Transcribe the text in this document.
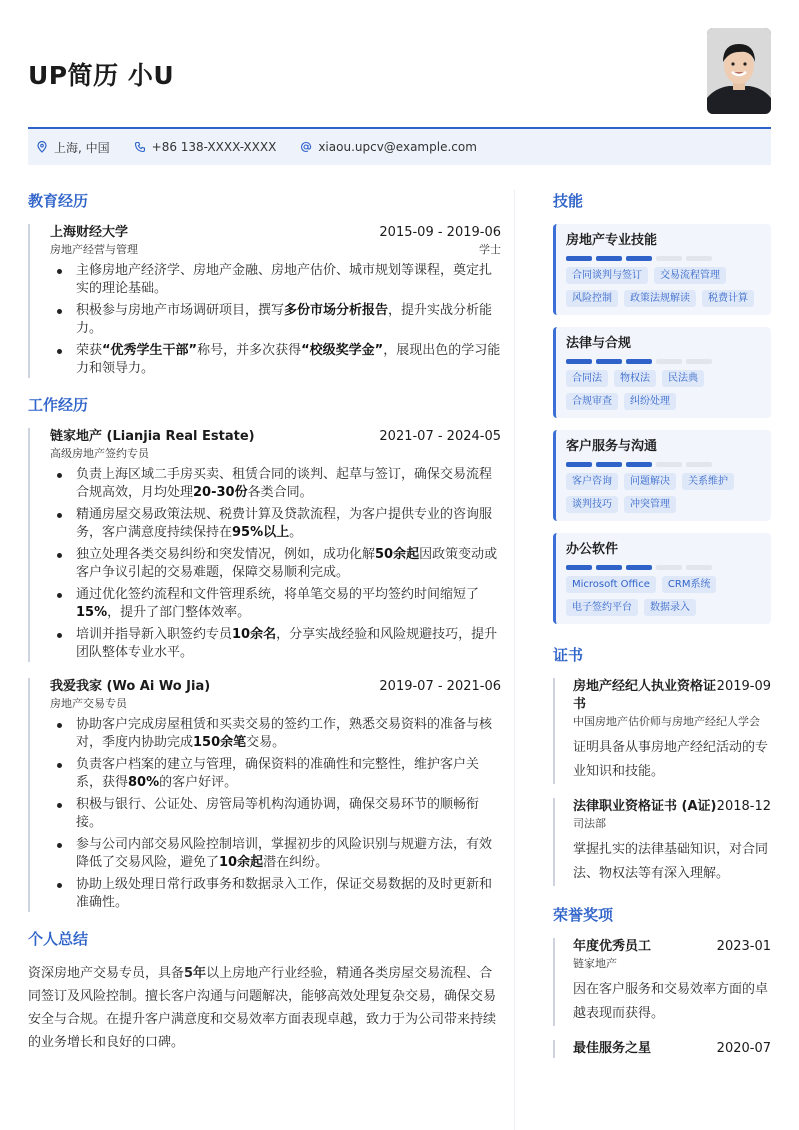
UP简历 小U
上海, 中国	+86 138-XXXX-XXXX	xiaou.upcv@example.com
教育经历
上海财经大学	2015-09 - 2019-06
房地产经营与管理	学士
主修房地产经济学、房地产金融、房地产估价、城市规划等课程，奠定扎实的理论基础。
积极参与房地产市场调研项目，撰写多份市场分析报告，提升实战分析能力。
荣获“优秀学生干部”称号，并多次获得“校级奖学金”，展现出色的学习能力和领导力。
工作经历
链家地产 (Lianjia Real Estate)	2021-07 - 2024-05
高级房地产签约专员
负责上海区域二手房买卖、租赁合同的谈判、起草与签订，确保交易流程合规高效，月均处理20-30份各类合同。
精通房屋交易政策法规、税费计算及贷款流程，为客户提供专业的咨询服务，客户满意度持续保持在95%以上。
独立处理各类交易纠纷和突发情况，例如，成功化解50余起因政策变动或客户争议引起的交易难题，保障交易顺利完成。
通过优化签约流程和文件管理系统，将单笔交易的平均签约时间缩短了15%，提升了部门整体效率。
培训并指导新入职签约专员10余名，分享实战经验和风险规避技巧，提升团队整体专业水平。
我爱我家 (Wo Ai Wo Jia)	2019-07 - 2021-06
房地产交易专员
协助客户完成房屋租赁和买卖交易的签约工作，熟悉交易资料的准备与核对，季度内协助完成150余笔交易。
负责客户档案的建立与管理，确保资料的准确性和完整性，维护客户关系，获得80%的客户好评。
积极与银行、公证处、房管局等机构沟通协调，确保交易环节的顺畅衔接。
参与公司内部交易风险控制培训，掌握初步的风险识别与规避方法，有效降低了交易风险，避免了10余起潜在纠纷。
协助上级处理日常行政事务和数据录入工作，保证交易数据的及时更新和准确性。
个人总结
资深房地产交易专员，具备5年以上房地产行业经验，精通各类房屋交易流程、合同签订及风险控制。擅长客户沟通与问题解决，能够高效处理复杂交易，确保交易安全与合规。在提升客户满意度和交易效率方面表现卓越，致力于为公司带来持续的业务增长和良好的口碑。
技能
房地产专业技能
合同谈判与签订	交易流程管理
风险控制	政策法规解读	税费计算
法律与合规
合同法	物权法	民法典
合规审查	纠纷处理
客户服务与沟通
客户咨询	问题解决	关系维护
谈判技巧	冲突管理
办公软件
Microsoft Office	CRM系统
电子签约平台	数据录入
证书
房地产经纪人执业资格证书
2019-09
中国房地产估价师与房地产经纪人学会
证明具备从事房地产经纪活动的专业知识和技能。
法律职业资格证书 (A证) 2018-12
司法部
掌握扎实的法律基础知识，对合同法、物权法等有深入理解。
荣誉奖项
年度优秀员工	2023-01
链家地产
因在客户服务和交易效率方面的卓越表现而获得。
最佳服务之星	2020-07
